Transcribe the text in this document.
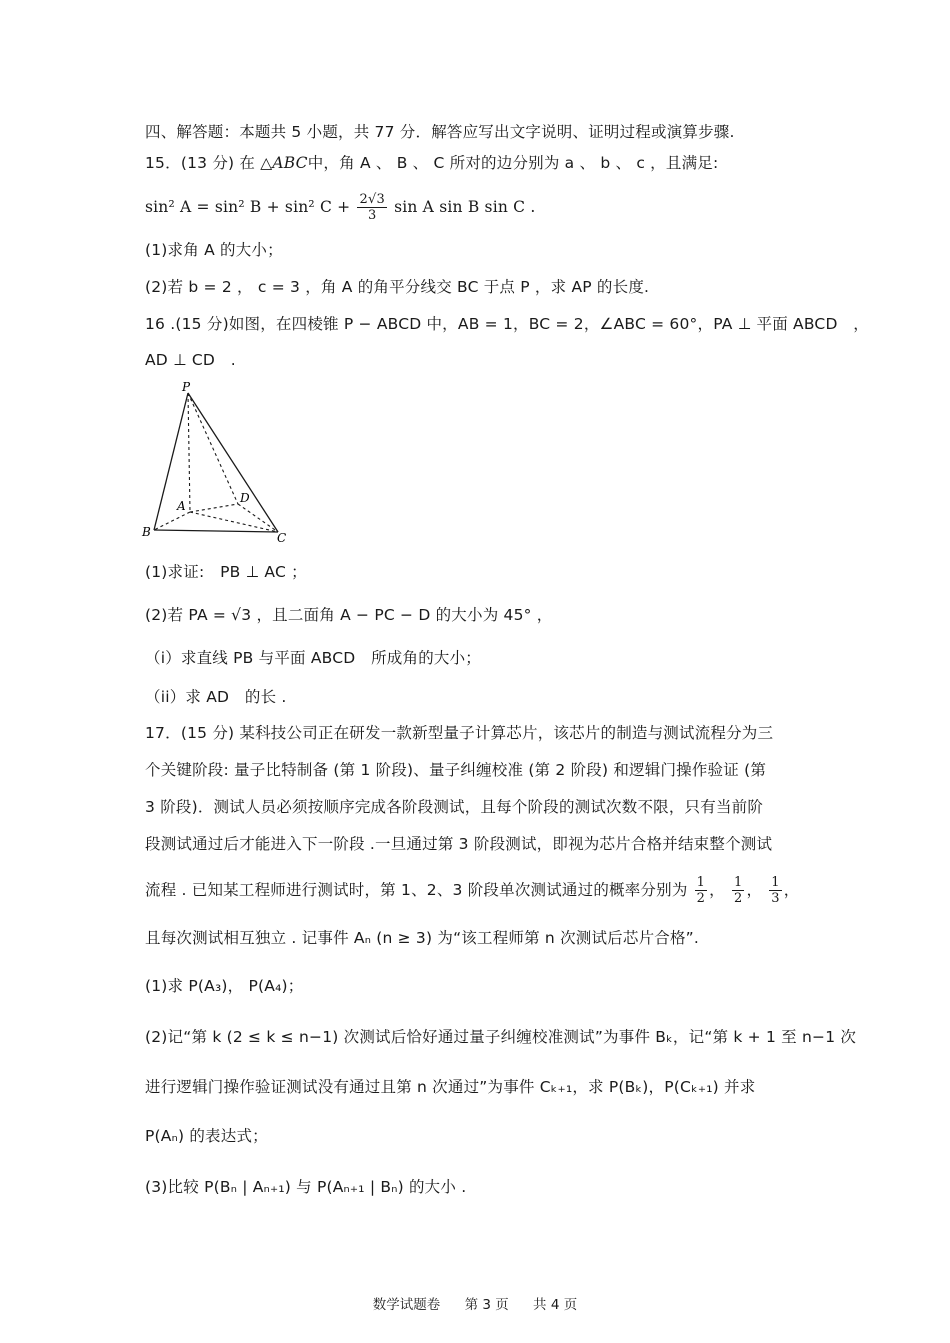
四、解答题：本题共 5 小题，共 77 分．解答应写出文字说明、证明过程或演算步骤.
15．(13 分) 在 △ABC中，角 A 、 B 、 C 所对的边分别为 a 、 b 、 c ，且满足:
sin² A = sin² B + sin² $C + \frac{2√3}{3}$ sin A sin B sin C .
(1)求角 A 的大小；
(2)若 b = 2 ， c = 3 ，角 A 的角平分线交 BC 于点 P ，求 AP 的长度.
16 .(15 分)如图，在四棱锥 P − ABCD 中，AB = 1，BC = 2，∠ABC = 60°，PA ⊥ 平面 ABCD　，
AD ⊥ CD　.
P
A
B	C
D
(1)求证:　PB ⊥ AC ；
(2)若 PA = √3 ，且二面角 A − PC − D 的大小为 45° ，
（i）求直线 PB 与平面 ABCD　所成角的大小；
（ii）求 AD　的长 .
17．(15 分) 某科技公司正在研发一款新型量子计算芯片，该芯片的制造与测试流程分为三
个关键阶段: 量子比特制备 (第 1 阶段)、量子纠缠校准 (第 2 阶段) 和逻辑门操作验证 (第
3 阶段)．测试人员必须按顺序完成各阶段测试，且每个阶段的测试次数不限，只有当前阶
段测试通过后才能进入下一阶段 .一旦通过第 3 阶段测试，即视为芯片合格并结束整个测试
流程 . 已知某工程师进行测试时，第 1、2、3 阶段单次测试通过的概率分别为 $\frac{1}{2}$ ， $\frac{1}{2}$ ， $\frac{1}{3}$ ，
且每次测试相互独立 . 记事件 Aₙ (n ≥ 3) 为“该工程师第 n 次测试后芯片合格”.
(1)求 P(A₃)， P(A₄)；
(2)记“第 k (2 ≤ k ≤ n−1) 次测试后恰好通过量子纠缠校准测试”为事件 Bₖ，记“第 k + 1 至 n−1 次
进行逻辑门操作验证测试没有通过且第 n 次通过”为事件 Cₖ₊₁，求 P(Bₖ)，P(Cₖ₊₁) 并求
P(Aₙ) 的表达式；
(3)比较 P(Bₙ | Aₙ₊₁) 与 P(Aₙ₊₁ | Bₙ) 的大小 .
数学试题卷 第 3 页 共 4 页
